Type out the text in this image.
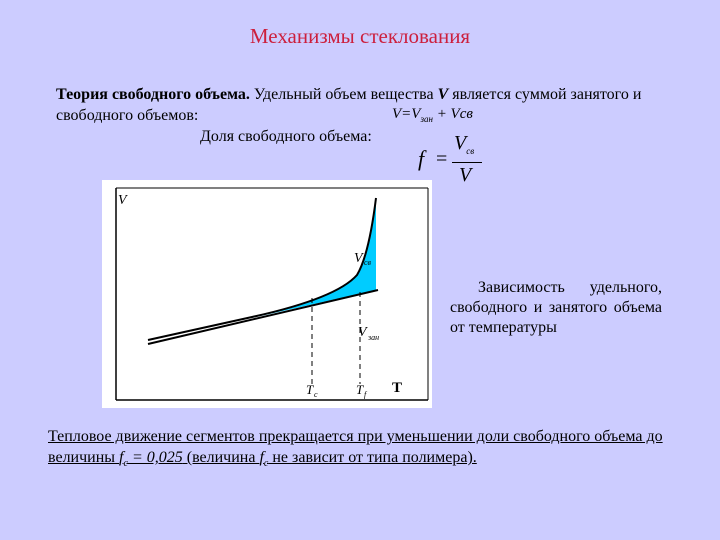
Механизмы стеклования
Теория свободного объема. Удельный объем вещества V является суммой занятого и свободного объемов:	$V=V_{зан}$ + Vсв
Доля свободного объема:
f =
$V_{св}$
V
V
T
V св
V зан
T c	T f
Зависимость удельного, свободного и занятого объема от температуры
Тепловое движение сегментов прекращается при уменьшении доли свободного объема до величины $f_c = 0,025$ (величина $f_c$ не зависит от типа полимера).
